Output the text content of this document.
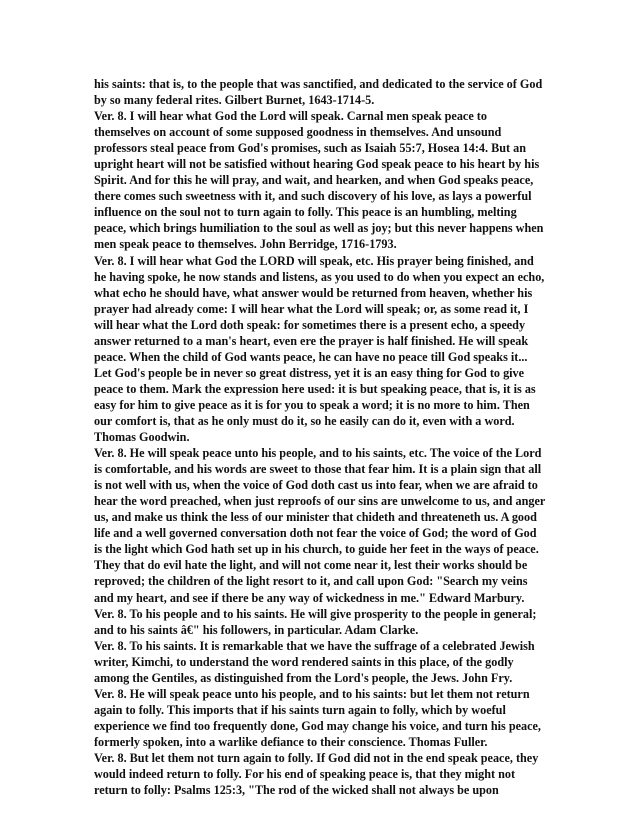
his saints: that is, to the people that was sanctified, and dedicated to the service of God by so many federal rites. Gilbert Burnet, 1643-1714-5.

Ver. 8. I will hear what God the Lord will speak. Carnal men speak peace to themselves on account of some supposed goodness in themselves. And unsound professors steal peace from God's promises, such as Isaiah 55:7, Hosea 14:4. But an upright heart will not be satisfied without hearing God speak peace to his heart by his Spirit. And for this he will pray, and wait, and hearken, and when God speaks peace, there comes such sweetness with it, and such discovery of his love, as lays a powerful influence on the soul not to turn again to folly. This peace is an humbling, melting peace, which brings humiliation to the soul as well as joy; but this never happens when men speak peace to themselves. John Berridge, 1716-1793.

Ver. 8. I will hear what God the LORD will speak, etc. His prayer being finished, and he having spoke, he now stands and listens, as you used to do when you expect an echo, what echo he should have, what answer would be returned from heaven, whether his prayer had already come: I will hear what the Lord will speak; or, as some read it, I will hear what the Lord doth speak: for sometimes there is a present echo, a speedy answer returned to a man's heart, even ere the prayer is half finished. He will speak peace. When the child of God wants peace, he can have no peace till God speaks it... Let God's people be in never so great distress, yet it is an easy thing for God to give peace to them. Mark the expression here used: it is but speaking peace, that is, it is as easy for him to give peace as it is for you to speak a word; it is no more to him. Then our comfort is, that as he only must do it, so he easily can do it, even with a word. Thomas Goodwin.

Ver. 8. He will speak peace unto his people, and to his saints, etc. The voice of the Lord is comfortable, and his words are sweet to those that fear him. It is a plain sign that all is not well with us, when the voice of God doth cast us into fear, when we are afraid to hear the word preached, when just reproofs of our sins are unwelcome to us, and anger us, and make us think the less of our minister that chideth and threateneth us. A good life and a well governed conversation doth not fear the voice of God; the word of God is the light which God hath set up in his church, to guide her feet in the ways of peace. They that do evil hate the light, and will not come near it, lest their works should be reproved; the children of the light resort to it, and call upon God: "Search my veins and my heart, and see if there be any way of wickedness in me." Edward Marbury.

Ver. 8. To his people and to his saints. He will give prosperity to the people in general; and to his saints â€" his followers, in particular. Adam Clarke.

Ver. 8. To his saints. It is remarkable that we have the suffrage of a celebrated Jewish writer, Kimchi, to understand the word rendered saints in this place, of the godly among the Gentiles, as distinguished from the Lord's people, the Jews. John Fry.

Ver. 8. He will speak peace unto his people, and to his saints: but let them not return again to folly. This imports that if his saints turn again to folly, which by woeful experience we find too frequently done, God may change his voice, and turn his peace, formerly spoken, into a warlike defiance to their conscience. Thomas Fuller.

Ver. 8. But let them not turn again to folly. If God did not in the end speak peace, they would indeed return to folly. For his end of speaking peace is, that they might not return to folly: Psalms 125:3, "The rod of the wicked shall not always be upon
